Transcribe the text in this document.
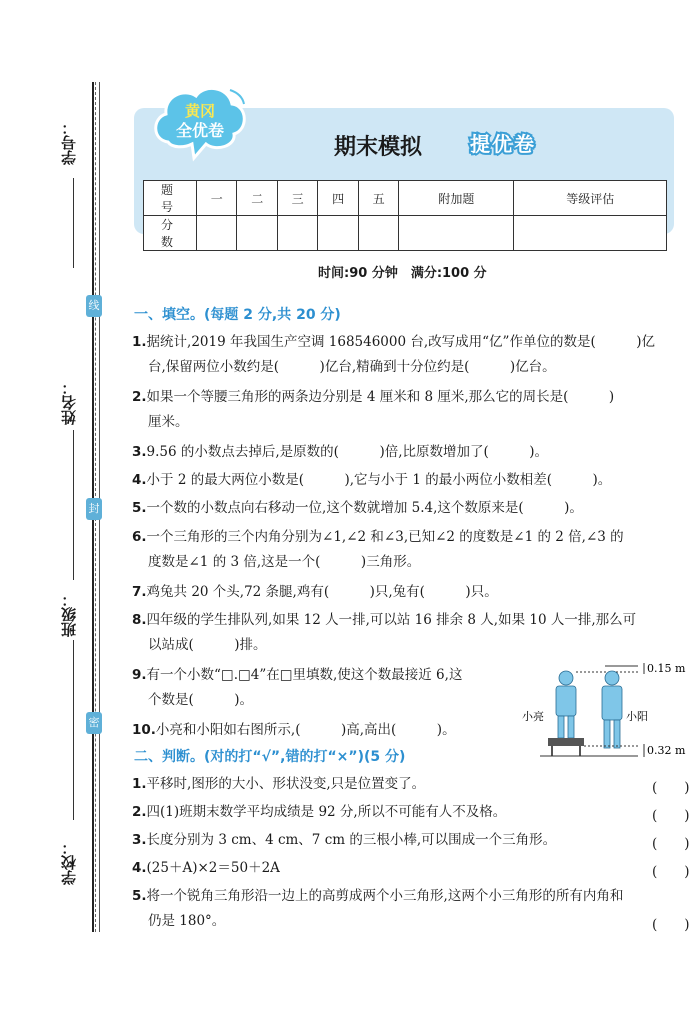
学号：
姓名：
班级：
学校：
线
封
密
黄冈
全优卷
期末模拟 提优卷
题　号	一	二	三	四	五	附加题	等级评估
分　数							
时间:90 分钟　满分:100 分
一、填空。(每题 2 分,共 20 分)
1.据统计,2019 年我国生产空调 168546000 台,改写成用“亿”作单位的数是(　　　)亿
台,保留两位小数约是(　　　)亿台,精确到十分位约是(　　　)亿台。
2.如果一个等腰三角形的两条边分别是 4 厘米和 8 厘米,那么它的周长是(　　　)
厘米。
3.9.56 的小数点去掉后,是原数的(　　　)倍,比原数增加了(　　　)。
4.小于 2 的最大两位小数是(　　　),它与小于 1 的最小两位小数相差(　　　)。
5.一个数的小数点向右移动一位,这个数就增加 5.4,这个数原来是(　　　)。
6.一个三角形的三个内角分别为∠1,∠2 和∠3,已知∠2 的度数是∠1 的 2 倍,∠3 的
度数是∠1 的 3 倍,这是一个(　　　)三角形。
7.鸡兔共 20 个头,72 条腿,鸡有(　　　)只,兔有(　　　)只。
8.四年级的学生排队列,如果 12 人一排,可以站 16 排余 8 人,如果 10 人一排,那么可
以站成(　　　)排。
9.有一个小数“□.□4”在□里填数,使这个数最接近 6,这
个数是(　　　)。
10.小亮和小阳如右图所示,(　　　)高,高出(　　　)。
0.15 m
0.32 m
小亮	小阳
二、判断。(对的打“√”,错的打“×”)(5 分)
1.平移时,图形的大小、形状没变,只是位置变了。	(　　)
2.四(1)班期末数学平均成绩是 92 分,所以不可能有人不及格。	(　　)
3.长度分别为 3 cm、4 cm、7 cm 的三根小棒,可以围成一个三角形。	(　　)
4.(25＋A)×2＝50＋2A	(　　)
5.将一个锐角三角形沿一边上的高剪成两个小三角形,这两个小三角形的所有内角和
仍是 180°。	(　　)
